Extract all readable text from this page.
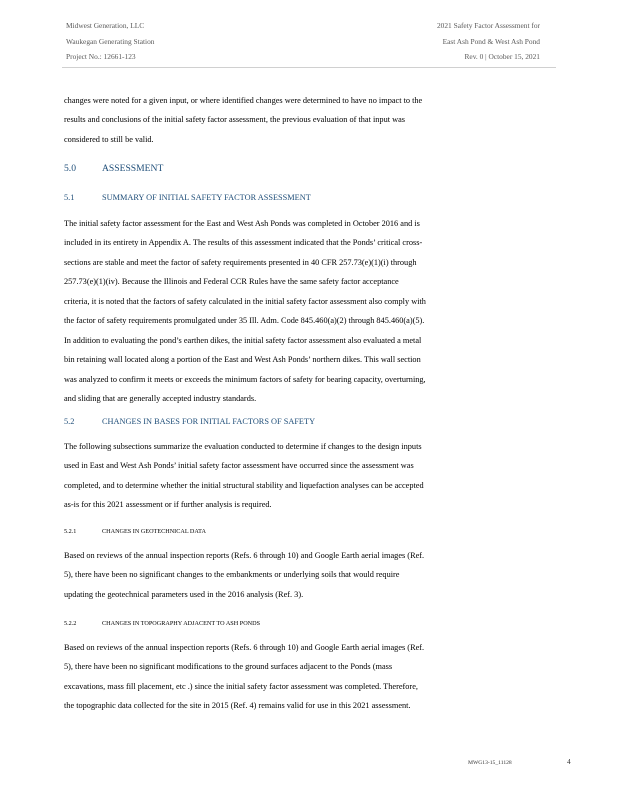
Midwest Generation, LLC
Waukegan Generating Station
Project No.: 12661-123
2021 Safety Factor Assessment for
East Ash Pond & West Ash Pond
Rev. 0 | October 15, 2021
changes were noted for a given input, or where identified changes were determined to have no impact to the
results and conclusions of the initial safety factor assessment, the previous evaluation of that input was
considered to still be valid.
5.0	ASSESSMENT
5.1	SUMMARY OF INITIAL SAFETY FACTOR ASSESSMENT
The initial safety factor assessment for the East and West Ash Ponds was completed in October 2016 and is
included in its entirety in Appendix A. The results of this assessment indicated that the Ponds’ critical cross-
sections are stable and meet the factor of safety requirements presented in 40 CFR 257.73(e)(1)(i) through
257.73(e)(1)(iv). Because the Illinois and Federal CCR Rules have the same safety factor acceptance
criteria, it is noted that the factors of safety calculated in the initial safety factor assessment also comply with
the factor of safety requirements promulgated under 35 Ill. Adm. Code 845.460(a)(2) through 845.460(a)(5).
In addition to evaluating the pond’s earthen dikes, the initial safety factor assessment also evaluated a metal
bin retaining wall located along a portion of the East and West Ash Ponds’ northern dikes. This wall section
was analyzed to confirm it meets or exceeds the minimum factors of safety for bearing capacity, overturning,
and sliding that are generally accepted industry standards.
5.2	CHANGES IN BASES FOR INITIAL FACTORS OF SAFETY
The following subsections summarize the evaluation conducted to determine if changes to the design inputs
used in East and West Ash Ponds’ initial safety factor assessment have occurred since the assessment was
completed, and to determine whether the initial structural stability and liquefaction analyses can be accepted
as-is for this 2021 assessment or if further analysis is required.
5.2.1	CHANGES IN GEOTECHNICAL DATA
Based on reviews of the annual inspection reports (Refs. 6 through 10) and Google Earth aerial images (Ref.
5), there have been no significant changes to the embankments or underlying soils that would require
updating the geotechnical parameters used in the 2016 analysis (Ref. 3).
5.2.2	CHANGES IN TOPOGRAPHY ADJACENT TO ASH PONDS
Based on reviews of the annual inspection reports (Refs. 6 through 10) and Google Earth aerial images (Ref.
5), there have been no significant modifications to the ground surfaces adjacent to the Ponds (mass
excavations, mass fill placement, etc .) since the initial safety factor assessment was completed. Therefore,
the topographic data collected for the site in 2015 (Ref. 4) remains valid for use in this 2021 assessment.
MWG13-15_11128	4
